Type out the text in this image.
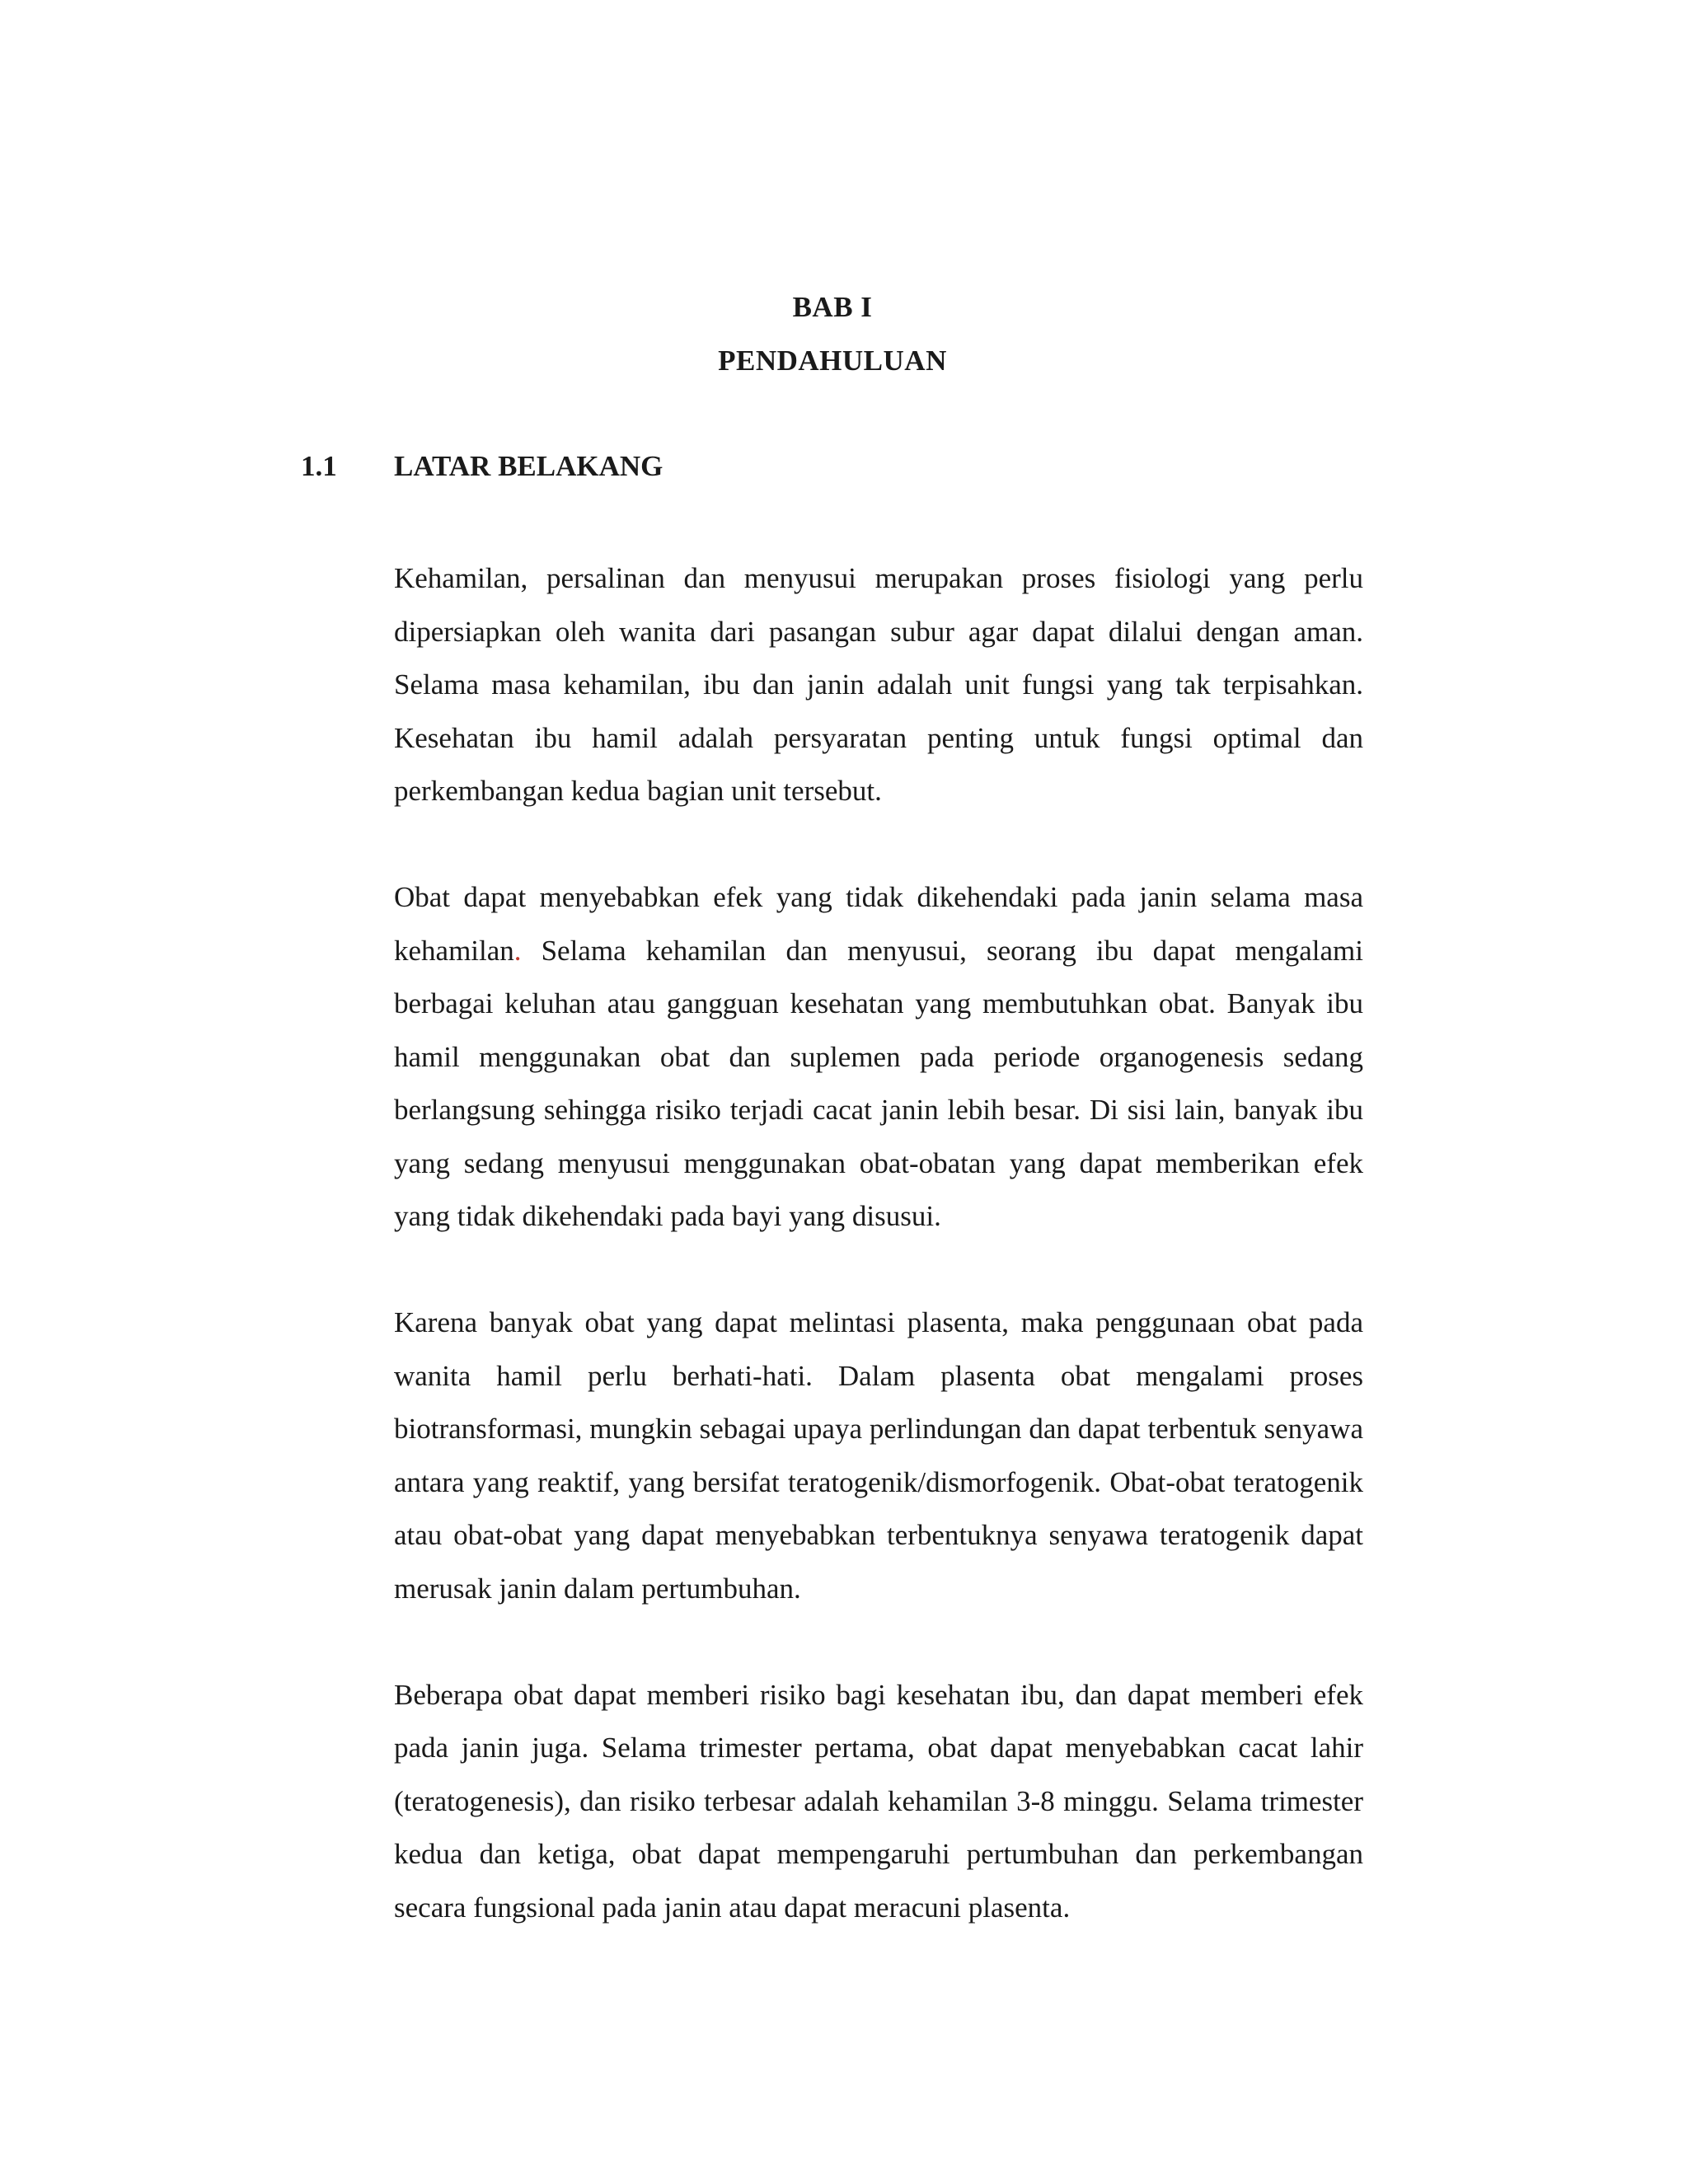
BAB I
PENDAHULUAN
1.1 LATAR BELAKANG

Kehamilan, persalinan dan menyusui merupakan proses fisiologi yang perlu dipersiapkan oleh wanita dari pasangan subur agar dapat dilalui dengan aman. Selama masa kehamilan, ibu dan janin adalah unit fungsi yang tak terpisahkan. Kesehatan ibu hamil adalah persyaratan penting untuk fungsi optimal dan perkembangan kedua bagian unit tersebut.

Obat dapat menyebabkan efek yang tidak dikehendaki pada janin selama masa kehamilan. Selama kehamilan dan menyusui, seorang ibu dapat mengalami berbagai keluhan atau gangguan kesehatan yang membutuhkan obat. Banyak ibu hamil menggunakan obat dan suplemen pada periode organogenesis sedang berlangsung sehingga risiko terjadi cacat janin lebih besar. Di sisi lain, banyak ibu yang sedang menyusui menggunakan obat-obatan yang dapat memberikan efek yang tidak dikehendaki pada bayi yang disusui.

Karena banyak obat yang dapat melintasi plasenta, maka penggunaan obat pada wanita hamil perlu berhati-hati. Dalam plasenta obat mengalami proses biotransformasi, mungkin sebagai upaya perlindungan dan dapat terbentuk senyawa antara yang reaktif, yang bersifat teratogenik/dismorfogenik. Obat-obat teratogenik atau obat-obat yang dapat menyebabkan terbentuknya senyawa teratogenik dapat merusak janin dalam pertumbuhan.

Beberapa obat dapat memberi risiko bagi kesehatan ibu, dan dapat memberi efek pada janin juga. Selama trimester pertama, obat dapat menyebabkan cacat lahir (teratogenesis), dan risiko terbesar adalah kehamilan 3-8 minggu. Selama trimester kedua dan ketiga, obat dapat mempengaruhi pertumbuhan dan perkembangan secara fungsional pada janin atau dapat meracuni plasenta.
